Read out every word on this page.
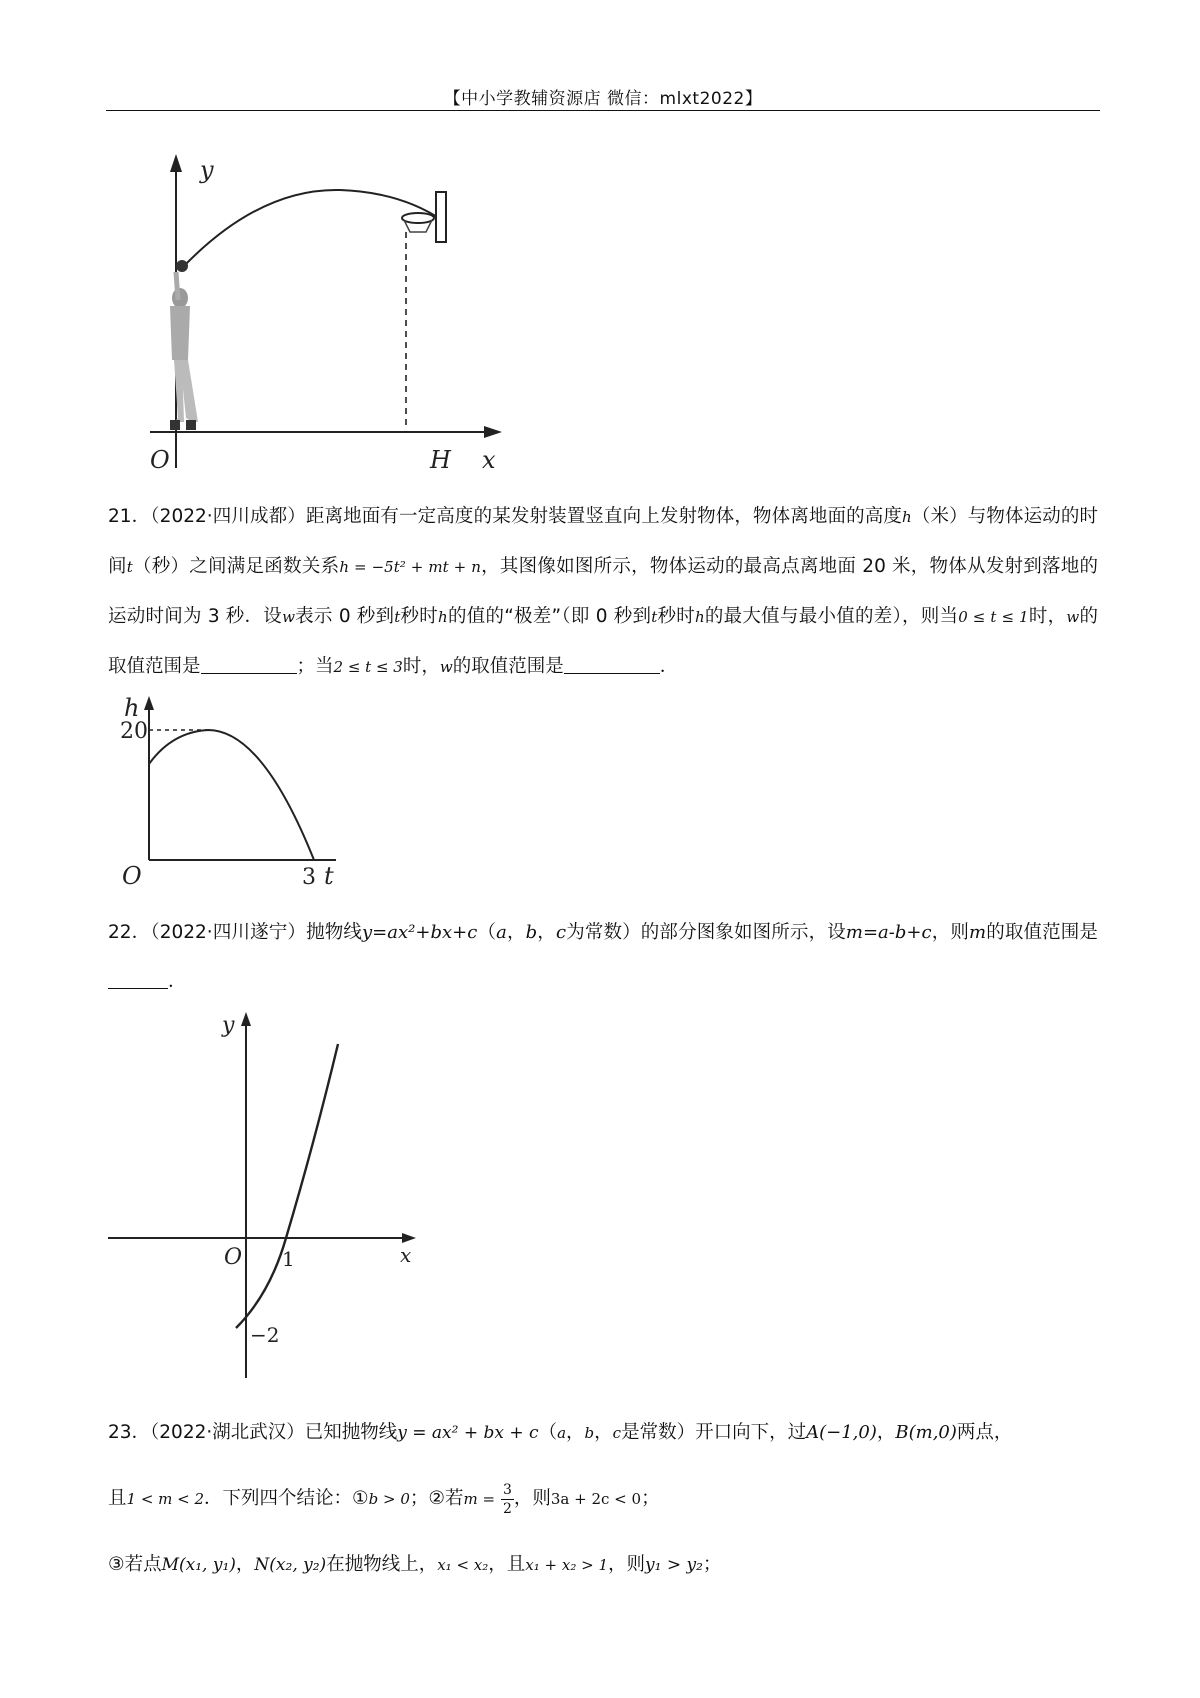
【中小学教辅资源店 微信：mlxt2022】
y
x
O	H
21．（2022·四川成都）距离地面有一定高度的某发射装置竖直向上发射物体，物体离地面的高度h（米）与物体运动的时间t（秒）之间满足函数关系h = −5t² + mt + n，其图像如图所示，物体运动的最高点离地面 20 米，物体从发射到落地的运动时间为 3 秒．设w表示 0 秒到t秒时h的值的“极差”（即 0 秒到t秒时h的最大值与最小值的差），则当0 ≤ t ≤ 1时，w的取值范围是	；当2 ≤ t ≤ 3时，w的取值范围是	．
h
t
O	3
20
22．（2022·四川遂宁）抛物线y=ax²+bx+c（a，b，c为常数）的部分图象如图所示，设m=a-b+c，则m的取值范围是．
y
x
O 1
−2
23．（2022·湖北武汉）已知抛物线y = ax² + bx + c（a，b，c是常数）开口向下，过A(−1,0)，B(m,0)两点，
且1 < m < 2．下列四个结论：①b > 0；②若$m = \frac{3}{2}$ ，则3a + 2c < 0；
③若点M(x₁, y₁)，N(x₂, y₂)在抛物线上，x₁ < x₂，且x₁ + x₂ > 1，则y₁ > y₂；
